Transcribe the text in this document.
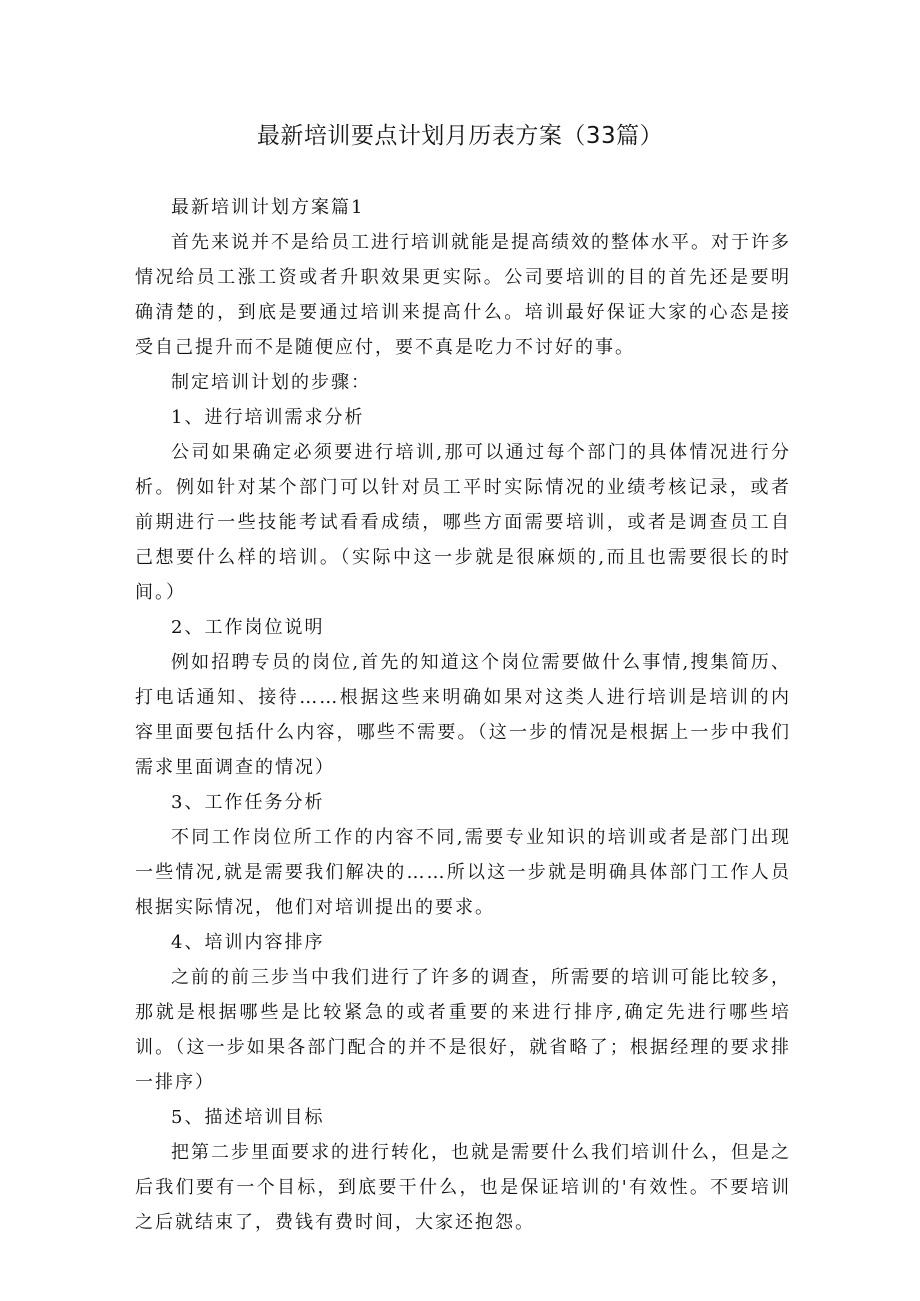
最新培训要点计划月历表方案（33篇）

最新培训计划方案篇1

首先来说并不是给员工进行培训就能是提高绩效的整体水平。对于许多情况给员工涨工资或者升职效果更实际。公司要培训的目的首先还是要明确清楚的，到底是要通过培训来提高什么。培训最好保证大家的心态是接受自己提升而不是随便应付，要不真是吃力不讨好的事。

制定培训计划的步骤：

1、进行培训需求分析

公司如果确定必须要进行培训,那可以通过每个部门的具体情况进行分析。例如针对某个部门可以针对员工平时实际情况的业绩考核记录，或者前期进行一些技能考试看看成绩，哪些方面需要培训，或者是调查员工自己想要什么样的培训。（实际中这一步就是很麻烦的,而且也需要很长的时间。）

2、工作岗位说明

例如招聘专员的岗位,首先的知道这个岗位需要做什么事情,搜集简历、打电话通知、接待……根据这些来明确如果对这类人进行培训是培训的内容里面要包括什么内容，哪些不需要。（这一步的情况是根据上一步中我们需求里面调查的情况）

3、工作任务分析

不同工作岗位所工作的内容不同,需要专业知识的培训或者是部门出现一些情况,就是需要我们解决的……所以这一步就是明确具体部门工作人员根据实际情况，他们对培训提出的要求。

4、培训内容排序

之前的前三步当中我们进行了许多的调查，所需要的培训可能比较多，那就是根据哪些是比较紧急的或者重要的来进行排序,确定先进行哪些培训。（这一步如果各部门配合的并不是很好，就省略了；根据经理的要求排一排序）

5、描述培训目标

把第二步里面要求的进行转化，也就是需要什么我们培训什么，但是之后我们要有一个目标，到底要干什么，也是保证培训的'有效性。不要培训之后就结束了，费钱有费时间，大家还抱怨。
